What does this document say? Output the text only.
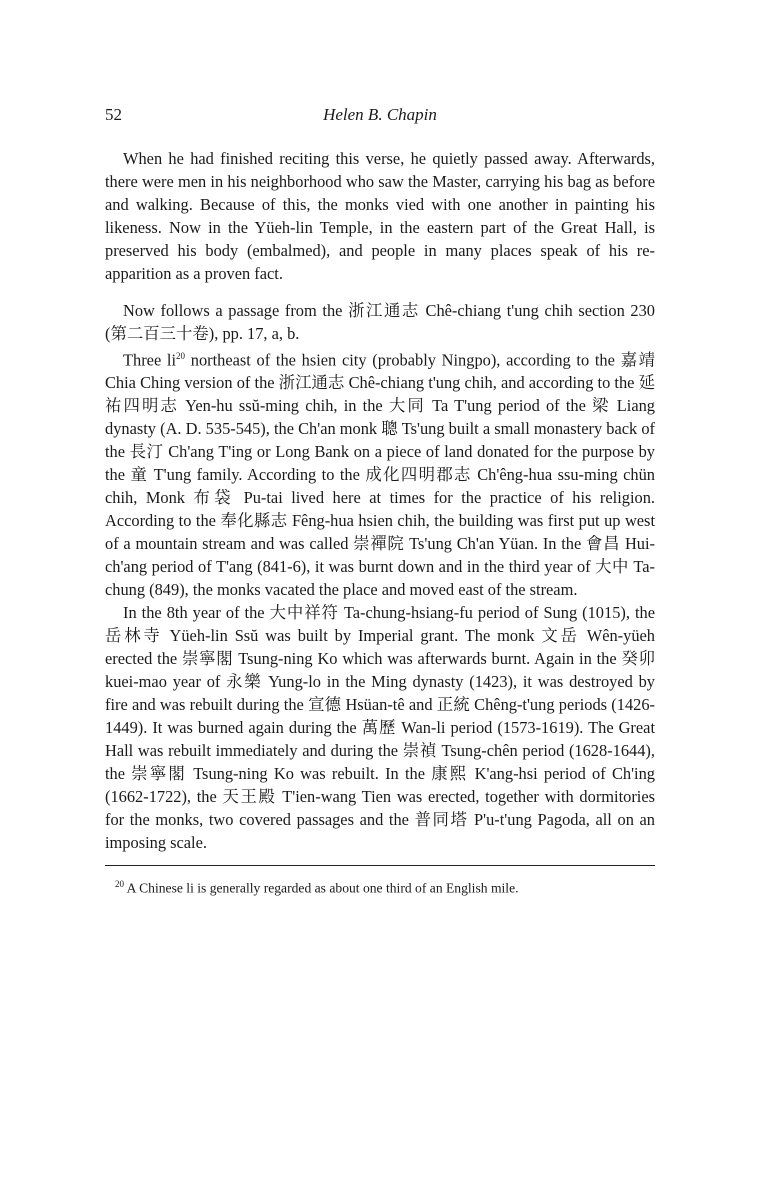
52	Helen B. Chapin

When he had finished reciting this verse, he quietly passed away. Afterwards, there were men in his neighborhood who saw the Master, carrying his bag as before and walking. Because of this, the monks vied with one another in painting his likeness. Now in the Yüeh-lin Temple, in the eastern part of the Great Hall, is preserved his body (embalmed), and people in many places speak of his re-apparition as a proven fact.

Now follows a passage from the 浙江通志 Chê-chiang t'ung chih section 230 (第二百三十卷), pp. 17, a, b.

Three $li^{20}$ northeast of the hsien city (probably Ningpo), according to the 嘉靖 Chia Ching version of the 浙江通志 Chê-chiang t'ung chih, and according to the 延祐四明志 Yen-hu ssŭ-ming chih, in the 大同 Ta T'ung period of the 梁 Liang dynasty (A. D. 535-545), the Ch'an monk 聰 Ts'ung built a small monastery back of the 長汀 Ch'ang T'ing or Long Bank on a piece of land donated for the purpose by the 童 T'ung family. According to the 成化四明郡志 Ch'êng-hua ssu-ming chün chih, Monk 布袋 Pu-tai lived here at times for the practice of his religion. According to the 奉化縣志 Fêng-hua hsien chih, the building was first put up west of a mountain stream and was called 崇禪院 Ts'ung Ch'an Yüan. In the 會昌 Hui-ch'ang period of T'ang (841-6), it was burnt down and in the third year of 大中 Ta-chung (849), the monks vacated the place and moved east of the stream.

In the 8th year of the 大中祥符 Ta-chung-hsiang-fu period of Sung (1015), the 岳林寺 Yüeh-lin Ssŭ was built by Imperial grant. The monk 文岳 Wên-yüeh erected the 崇寧閣 Tsung-ning Ko which was afterwards burnt. Again in the 癸卯 kuei-mao year of 永樂 Yung-lo in the Ming dynasty (1423), it was destroyed by fire and was rebuilt during the 宣德 Hsüan-tê and 正統 Chêng-t'ung periods (1426-1449). It was burned again during the 萬歷 Wan-li period (1573-1619). The Great Hall was rebuilt immediately and during the 崇禎 Tsung-chên period (1628-1644), the 崇寧閣 Tsung-ning Ko was rebuilt. In the 康熙 K'ang-hsi period of Ch'ing (1662-1722), the 天王殿 T'ien-wang Tien was erected, together with dormitories for the monks, two covered passages and the 普同塔 P'u-t'ung Pagoda, all on an imposing scale.

$^{20}$ A Chinese li is generally regarded as about one third of an English mile.
